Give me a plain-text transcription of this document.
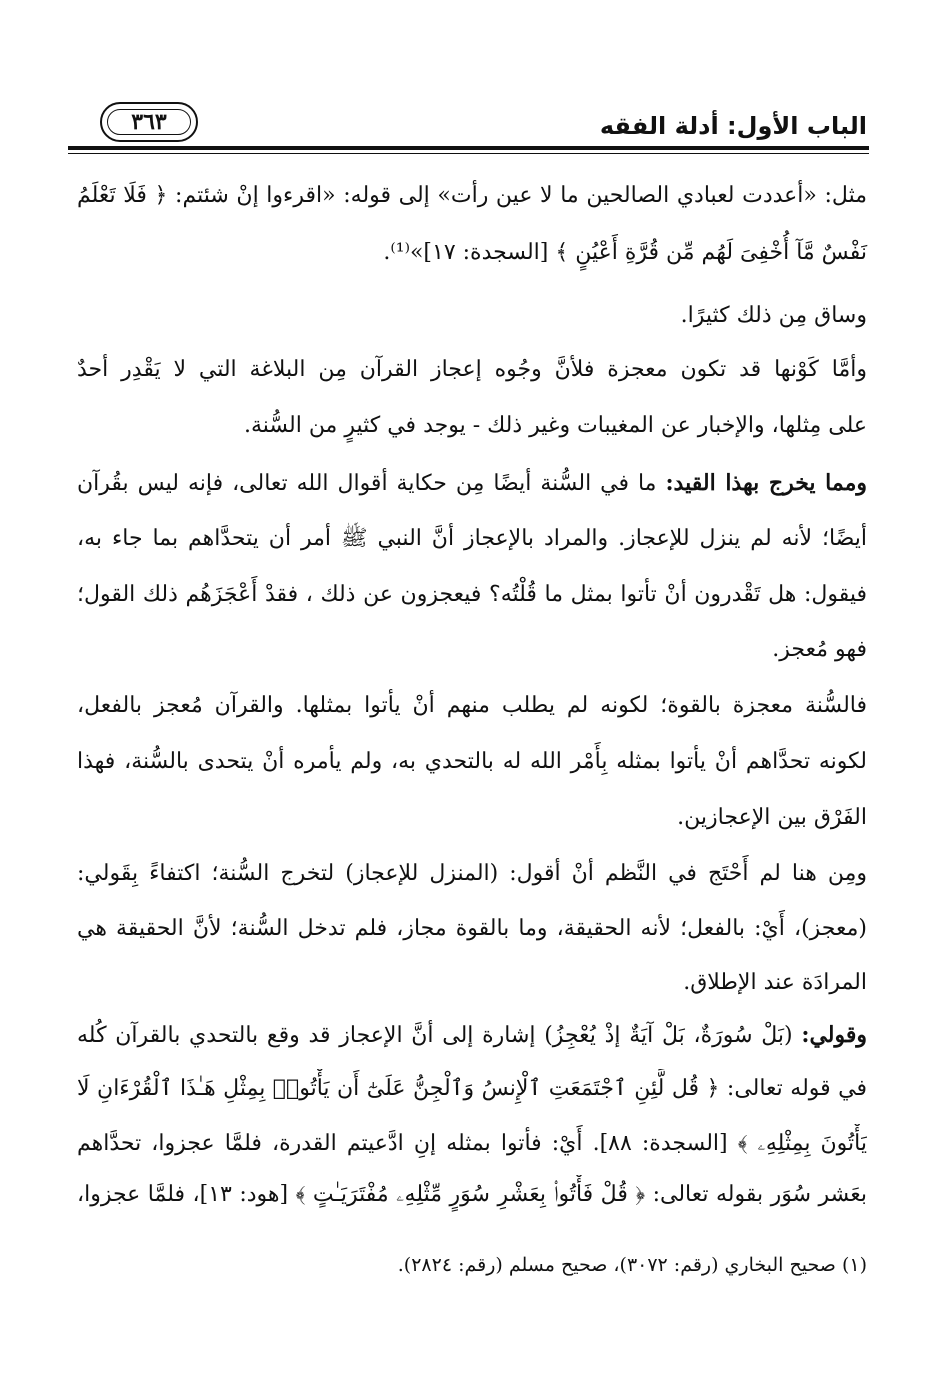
الباب الأول: أدلة الفقه
٣٦٣
مثل: «أعددت لعبادي الصالحين ما لا عين رأت» إلى قوله: «اقرءوا إنْ شئتم: ﴿ فَلَا تَعْلَمُ
نَفْسٌ مَّآ أُخْفِىَ لَهُم مِّن قُرَّةِ أَعْيُنٍ ﴾ [السجدة: ١٧]»⁽¹⁾.
وساق مِن ذلك كثيرًا.
وأمَّا كَوْنها قد تكون معجزة فلأنَّ وجُوه إعجاز القرآن مِن البلاغة التي لا يَقْدِر أحدٌ
على مِثلها، والإخبار عن المغيبات وغير ذلك - يوجد في كثيرٍ من السُّنة.
ومما يخرج بهذا القيد: ما في السُّنة أيضًا مِن حكاية أقوال الله تعالى، فإنه ليس بقُرآن
أيضًا؛ لأنه لم ينزل للإعجاز. والمراد بالإعجاز أنَّ النبي ﷺ أمر أن يتحدَّاهم بما جاء به،
فيقول: هل تَقْدرون أنْ تأتوا بمثل ما قُلْتُه؟ فيعجزون عن ذلك ، فقدْ أَعْجَزَهُم ذلك القول؛
فهو مُعجز.
فالسُّنة معجزة بالقوة؛ لكونه لم يطلب منهم أنْ يأتوا بمثلها. والقرآن مُعجز بالفعل،
لكونه تحدَّاهم أنْ يأتوا بمثله بِأَمْر الله له بالتحدي به، ولم يأمره أنْ يتحدى بالسُّنة، فهذا
الفَرْق بين الإعجازين.
ومِن هنا لم أَحْتَج في النَّظم أنْ أقول: (المنزل للإعجاز) لتخرج السُّنة؛ اكتفاءً بِقَولي:
(معجز)، أَيْ: بالفعل؛ لأنه الحقيقة، وما بالقوة مجاز، فلم تدخل السُّنة؛ لأنَّ الحقيقة هي
المرادَة عند الإطلاق.
وقولي: (بَلْ سُورَةٌ، بَلْ آيَةٌ إذْ يُعْجِزُ) إشارة إلى أنَّ الإعجاز قد وقع بالتحدي بالقرآن كُله
في قوله تعالى: ﴿ قُل لَّئِنِ ٱجْتَمَعَتِ ٱلْإِنسُ وَٱلْجِنُّ عَلَىٰٓ أَن يَأْتُوا۟ بِمِثْلِ هَـٰذَا ٱلْقُرْءَانِ لَا
يَأْتُونَ بِمِثْلِهِۦ ﴾ [السجدة: ٨٨]. أَيْ: فأتوا بمثله إنِ ادَّعيتم القدرة، فلمَّا عجزوا، تحدَّاهم
بعَشر سُوَر بقوله تعالى: ﴿ قُلْ فَأْتُوا۟ بِعَشْرِ سُوَرٍ مِّثْلِهِۦ مُفْتَرَيَـٰتٍ ﴾ [هود: ١٣]، فلمَّا عجزوا،
(١) صحيح البخاري (رقم: ٣٠٧٢)، صحيح مسلم (رقم: ٢٨٢٤).
